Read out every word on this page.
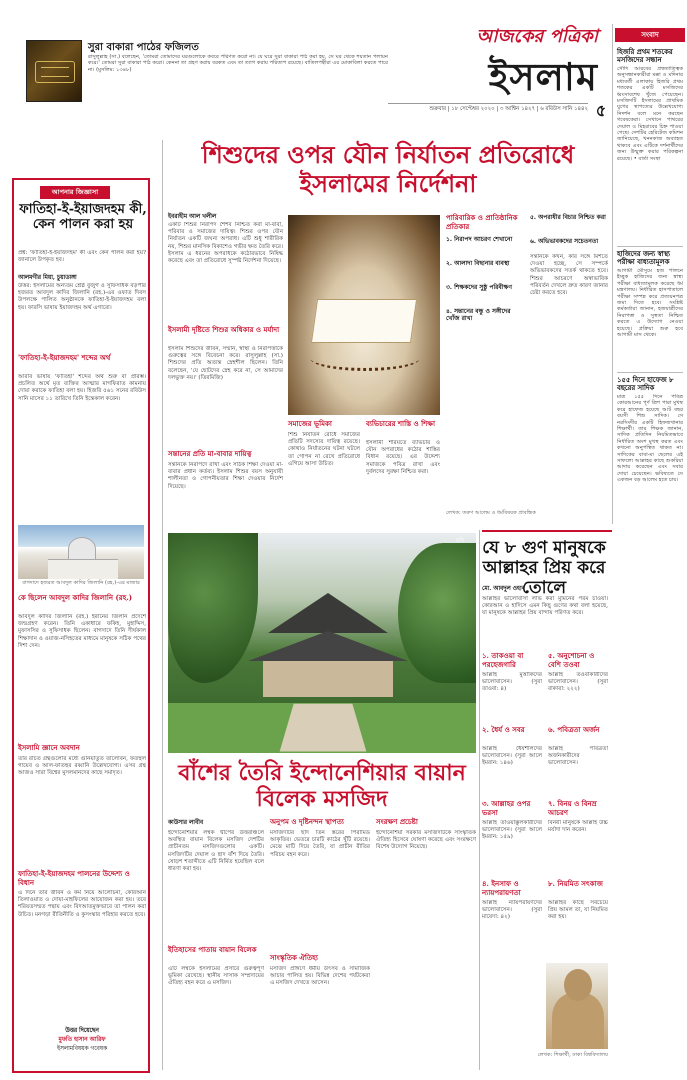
সুরা বাকারা পাঠের ফজিলত
রাসুলুল্লাহ (সা.) বলেছেন, 'তোমরা তোমাদের ঘরগুলোকে কবরে পরিণত করো না। যে ঘরে সুরা বাকারা পাঠ করা হয়, সে ঘর থেকে শয়তান পলায়ন করে।' তোমরা সুরা বাকারা পাঠ করো। কেননা তা গ্রহণ করায় বরকত এবং তা ত্যাগ করায় পরিতাপ রয়েছে। বাতিলপন্থীরা এর মোকাবিলা করতে পারে না। (মুসলিম: ১৩৪৮)
আজকের পত্রিকা
ইসলাম
শুক্রবার | ১৮ সেপ্টেম্বর ২০২০ | ৩ আশ্বিন ১৪২৭ | ৬ রবিউস সানি ১৪৪২ ৫
সংবাদ
হিজরি প্রথম শতকের মসজিদের সন্ধান
সৌদি আরবের প্রত্নতাত্ত্বিক অনুসন্ধানকারীরা মক্কা ও মদিনার মধ্যবর্তী এলাকায় হিজরি প্রথম শতকের একটি মসজিদের ধ্বংসাবশেষ খুঁজে পেয়েছেন। মসজিদটি ইসলামের প্রাথমিক যুগের স্থাপত্যের উল্লেখযোগ্য নিদর্শন বলে মনে করছেন গবেষকেরা। সেখানে পাথরের দেয়াল ও মিহরাবের চিহ্ন পাওয়া গেছে। দেশটির হেরিটেজ কমিশন জানিয়েছে, খননকাজ অব্যাহত থাকবে এবং এটিকে দর্শনার্থীদের জন্য উন্মুক্ত করার পরিকল্পনা রয়েছে। • বার্তা সংস্থা
হাজিদের জন্য স্বাস্থ্য পরীক্ষা বাধ্যতামূলক
আগামী মৌসুমে হজ পালনে ইচ্ছুক হাজিদের জন্য স্বাস্থ্য পরীক্ষা বাধ্যতামূলক করেছে ধর্ম মন্ত্রণালয়। নির্ধারিত হাসপাতালে পরীক্ষা সম্পন্ন করে প্রত্যয়নপত্র জমা দিতে হবে। সংশ্লিষ্ট কর্মকর্তারা জানান, হজযাত্রীদের নিরাপত্তা ও সুস্থতা নিশ্চিত করতে এ উদ্যোগ নেওয়া হয়েছে। প্রক্রিয়া শুরু হবে আগামী মাস থেকে।
১৫৫ দিনে হাফেজ ৮ বছরের সাদিক
মাত্র ১৫৫ দিনে পবিত্র কোরআনের পূর্ণ ত্রিশ পারা মুখস্থ করে হাফেজ হয়েছে আট বছর বয়সী শিশু সাদিক। সে নরসিংদীর একটি হিফজখানার শিক্ষার্থী। তার শিক্ষক জানান, সাদিক প্রতিদিন নিয়মিতভাবে নির্ধারিত অংশ মুখস্থ করত এবং কখনো অনুপস্থিত থাকত না। সাদিকের বাবা-মা ছেলের এই সাফল্যে আল্লাহর কাছে শুকরিয়া আদায় করেছেন এবং সবার দোয়া চেয়েছেন। ভবিষ্যতে সে একজন বড় আলেম হতে চায়।
শিশুদের ওপর যৌন নির্যাতন প্রতিরোধে ইসলামের নির্দেশনা
আপনার জিজ্ঞাসা
ফাতিহা-ই-ইয়াজদহম কী, কেন পালন করা হয়
প্রশ্ন: 'ফাতিহা-ই-ইয়াজদহম' কী এবং কেন পালন করা হয়? জানালে উপকৃত হব।
আলমগীর মিয়া, চুয়াডাঙ্গা
উত্তর: ইসলামের অন্যতম শ্রেষ্ঠ বুজুর্গ ও সুফিসাধক বড়পীর হজরত আবদুল কাদির জিলানি (রহ.)-এর ওফাত দিবস উপলক্ষে পালিত অনুষ্ঠানকে ফাতিহা-ই-ইয়াজদহম বলা হয়। ফারসি ভাষায় ইয়াজদহম অর্থ এগারো।
'ফাতিহা-ই-ইয়াজদহম' শব্দের অর্থ
আরবি ভাষায় 'ফাতিহা' শব্দের অর্থ শুরু বা প্রারম্ভ। প্রচলিত অর্থে মৃত ব্যক্তির আত্মার মাগফিরাত কামনায় দোয়া করাকে ফাতিহা বলা হয়। হিজরি ৫৬১ সনের রবিউস সানি মাসের ১১ তারিখে তিনি ইন্তেকাল করেন।
বাগদাদে হজরত আবদুল কাদির জিলানি (রহ.)-এর মাজার
কে ছিলেন আবদুল কাদির জিলানি (রহ.)
আবদুল কাদির জিলানি (রহ.) ইরানের জিলান প্রদেশে জন্মগ্রহণ করেন। তিনি একাধারে ফকিহ, মুহাদ্দিস, মুফাসসির ও সুফিসাধক ছিলেন। বাগদাদে তিনি দীর্ঘকাল শিক্ষাদান ও ওয়াজ-নসিহতের মাধ্যমে মানুষকে সঠিক পথের দিশা দেন।
ইসলামি জ্ঞানে অবদান
তাঁর রচিত গ্রন্থগুলোর মধ্যে গুনিয়াতুত তালেবিন, ফতহুল গায়েব ও আল-ফাতহুর রব্বানি উল্লেখযোগ্য। এসব গ্রন্থ আজও সারা বিশ্বের মুসলমানদের কাছে সমাদৃত।
ফাতিহা-ই-ইয়াজদহম পালনের উদ্দেশ্য ও বিধান
এ দিনে তাঁর জীবন ও কর্ম নিয়ে আলোচনা, কোরআন তিলাওয়াত ও দোয়া-মাহফিলের আয়োজন করা হয়। তবে শরিয়তসম্মত পন্থায় এবং বিদআতমুক্তভাবে তা পালন করা উচিত। মনগড়া রীতিনীতি ও কুসংস্কার পরিহার করতে হবে।
উত্তর দিয়েছেন
মুফতি হাসান আরিফ
ইসলামবিষয়ক গবেষক
ইবরাহীম আল খলীল
একটি শিশুর নিরাপদ শৈশব নিশ্চিত করা মা-বাবা, পরিবার ও সমাজের দায়িত্ব। শিশুর ওপর যৌন নির্যাতন একটি জঘন্য অপরাধ। এটি শুধু শারীরিক নয়, শিশুর মানসিক বিকাশেও গভীর ক্ষত তৈরি করে। ইসলাম এ ধরনের অপরাধকে কঠোরভাবে নিষিদ্ধ করেছে এবং তা প্রতিরোধে সুস্পষ্ট নির্দেশনা দিয়েছে।
ইসলামী দৃষ্টিতে শিশুর অধিকার ও মর্যাদা
ইসলাম শিশুদের জীবন, সম্মান, স্বাস্থ্য ও নিরাপত্তাকে গুরুত্বের সঙ্গে বিবেচনা করে। রাসুলুল্লাহ (সা.) শিশুদের প্রতি অত্যন্ত স্নেহশীল ছিলেন। তিনি বলেছেন, 'যে ছোটদের স্নেহ করে না, সে আমাদের দলভুক্ত নয়।' (তিরমিজি)
সন্তানের প্রতি মা-বাবার দায়িত্ব
সন্তানকে নিরাপদে রাখা এবং সঠিক শিক্ষা দেওয়া মা-বাবার প্রধান কর্তব্য। ইসলাম শিশুর বয়স অনুযায়ী শালীনতা ও গোপনীয়তার শিক্ষা দেওয়ার নির্দেশ দিয়েছে।
সমাজের ভূমিকা
শিশু নির্যাতন রোধে সমাজের প্রতিটি সদস্যের দায়িত্ব রয়েছে। কোথাও নির্যাতনের ঘটনা ঘটলে তা গোপন না রেখে প্রতিরোধে এগিয়ে আসা উচিত।
ব্যভিচারের শাস্তি ও শিক্ষা
ইসলামী শরিয়তে ব্যভিচার ও যৌন অপরাধের কঠোর শাস্তির বিধান রয়েছে। এর উদ্দেশ্য সমাজকে পবিত্র রাখা এবং দুর্বলদের সুরক্ষা নিশ্চিত করা।
পারিবারিক ও প্রাতিষ্ঠানিক প্রতিকার
১. নিরাপদ আচরণ শেখানো
২. আলাদা বিছানার ব্যবস্থা
৩. শিক্ষকদের সুষ্ঠু পরিবীক্ষণ
৪. সন্তানের বন্ধু ও সঙ্গীদের খোঁজ রাখা
৫. অপরাধীর বিচার নিশ্চিত করা
৬. অভিভাবকদের সচেতনতা
সন্তানকে কখন, কার সঙ্গে মিশতে দেওয়া হচ্ছে, সে সম্পর্কে অভিভাবকদের সতর্ক থাকতে হবে। শিশুর আচরণে অস্বাভাবিক পরিবর্তন দেখলে দ্রুত কারণ জানার চেষ্টা করতে হবে।
লেখক: তরুণ আলেম ও ধর্মবিষয়ক প্রাবন্ধিক
ছবি
বাঁশের তৈরি ইন্দোনেশিয়ার বায়ান বিলেক মসজিদ
কাউসার লাবীব
ইন্দোনেশিয়ার লম্বক দ্বীপের উত্তরাঞ্চলে অবস্থিত বায়ান বিলেক মসজিদ দেশটির প্রাচীনতম মসজিদগুলোর একটি। মসজিদটির দেয়াল ও ছাদ বাঁশ দিয়ে তৈরি। ষোড়শ শতাব্দীতে এটি নির্মিত হয়েছিল বলে ধারণা করা হয়।
ইতিহাসের পাতায় বায়ান বিলেক
এটি লম্বকে ইসলামের প্রসারে গুরুত্বপূর্ণ ভূমিকা রেখেছে। স্থানীয় সাসাক সম্প্রদায়ের ঐতিহ্য বহন করে এ মসজিদ।
অনুপম ও দৃষ্টিনন্দন স্থাপত্য
মসজিদটির ছাদ তিন স্তরের পিরামিড আকৃতির। ভেতরে চারটি কাঠের খুঁটি রয়েছে। মেঝে মাটি দিয়ে তৈরি, যা প্রাচীন রীতির পরিচয় বহন করে।
সাংস্কৃতিক ঐতিহ্য
মসজিদ প্রাঙ্গণে ধর্মীয় উৎসব ও সামাজিক আচার পালিত হয়। বিভিন্ন দেশের পর্যটকেরা এ মসজিদ দেখতে আসেন।
সংরক্ষণ প্রচেষ্টা
ইন্দোনেশিয়া সরকার মসজিদটিকে সাংস্কৃতিক ঐতিহ্য হিসেবে ঘোষণা করেছে এবং সংরক্ষণে বিশেষ উদ্যোগ নিয়েছে।
যে ৮ গুণ মানুষকে আল্লাহর প্রিয় করে তোলে
মো. আবদুল ওহাব
আল্লাহর ভালোবাসা লাভ করা মুমিনের পরম চাওয়া। কোরআন ও হাদিসে এমন কিছু গুণের কথা বলা হয়েছে, যা মানুষকে আল্লাহর প্রিয় বান্দায় পরিণত করে।
১. তাকওয়া বা পরহেজগারি
আল্লাহ মুত্তাকিদের ভালোবাসেন। (সুরা তাওবা: ৪)
২. ধৈর্য ও সবর
আল্লাহ ধৈর্যশীলদের ভালোবাসেন। (সুরা আলে ইমরান: ১৪৬)
৩. আল্লাহর ওপর ভরসা
আল্লাহ তাওয়াক্কুলকারীদের ভালোবাসেন। (সুরা আলে ইমরান: ১৫৯)
৪. ইনসাফ ও ন্যায়পরায়ণতা
আল্লাহ ন্যায়পরায়ণদের ভালোবাসেন। (সুরা মায়েদা: ৪২)
৫. অনুশোচনা ও বেশি তওবা
আল্লাহ তওবাকারীদের ভালোবাসেন। (সুরা বাকারা: ২২২)
৬. পবিত্রতা অর্জন
আল্লাহ পবিত্রতা অর্জনকারীদের ভালোবাসেন।
৭. বিনয় ও বিনম্র আচরণ
বিনয়ী মানুষকে আল্লাহ উচ্চ মর্যাদা দান করেন।
৮. নিয়মিত সৎকাজ
আল্লাহর কাছে সবচেয়ে প্রিয় আমল তা, যা নিয়মিত করা হয়।
লেখক: শিক্ষার্থী, ঢাকা বিশ্ববিদ্যালয়
